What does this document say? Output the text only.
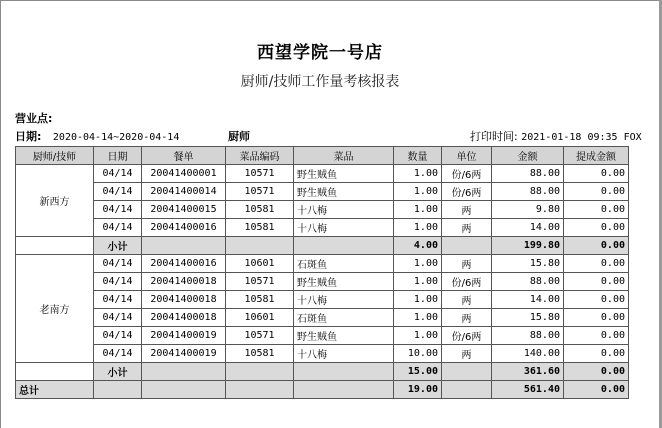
西望学院一号店
厨师/技师工作量考核报表
营业点:
日期: 2020-04-14~2020-04-14	厨师	打印时间: 2021-01-18 09:35 FOX
厨师/技师	日期	餐单	菜品编码	菜品	数量	单位	金额	提成金额
新西方	04/14	20041400001	10571	野生贼鱼	1.00	份/6两	88.00	0.00
	04/14	20041400014	10571	野生贼鱼	1.00	份/6两	88.00	0.00
	04/14	20041400015	10581	十八梅	1.00	两	9.80	0.00
	04/14	20041400016	10581	十八梅	1.00	两	14.00	0.00
	小计				4.00		199.80	0.00
老南方	04/14	20041400016	10601	石斑鱼	1.00	两	15.80	0.00
	04/14	20041400018	10571	野生贼鱼	1.00	份/6两	88.00	0.00
	04/14	20041400018	10581	十八梅	1.00	两	14.00	0.00
	04/14	20041400018	10601	石斑鱼	1.00	两	15.80	0.00
	04/14	20041400019	10571	野生贼鱼	1.00	份/6两	88.00	0.00
	04/14	20041400019	10581	十八梅	10.00	两	140.00	0.00
	小计				15.00		361.60	0.00
总计					19.00		561.40	0.00
